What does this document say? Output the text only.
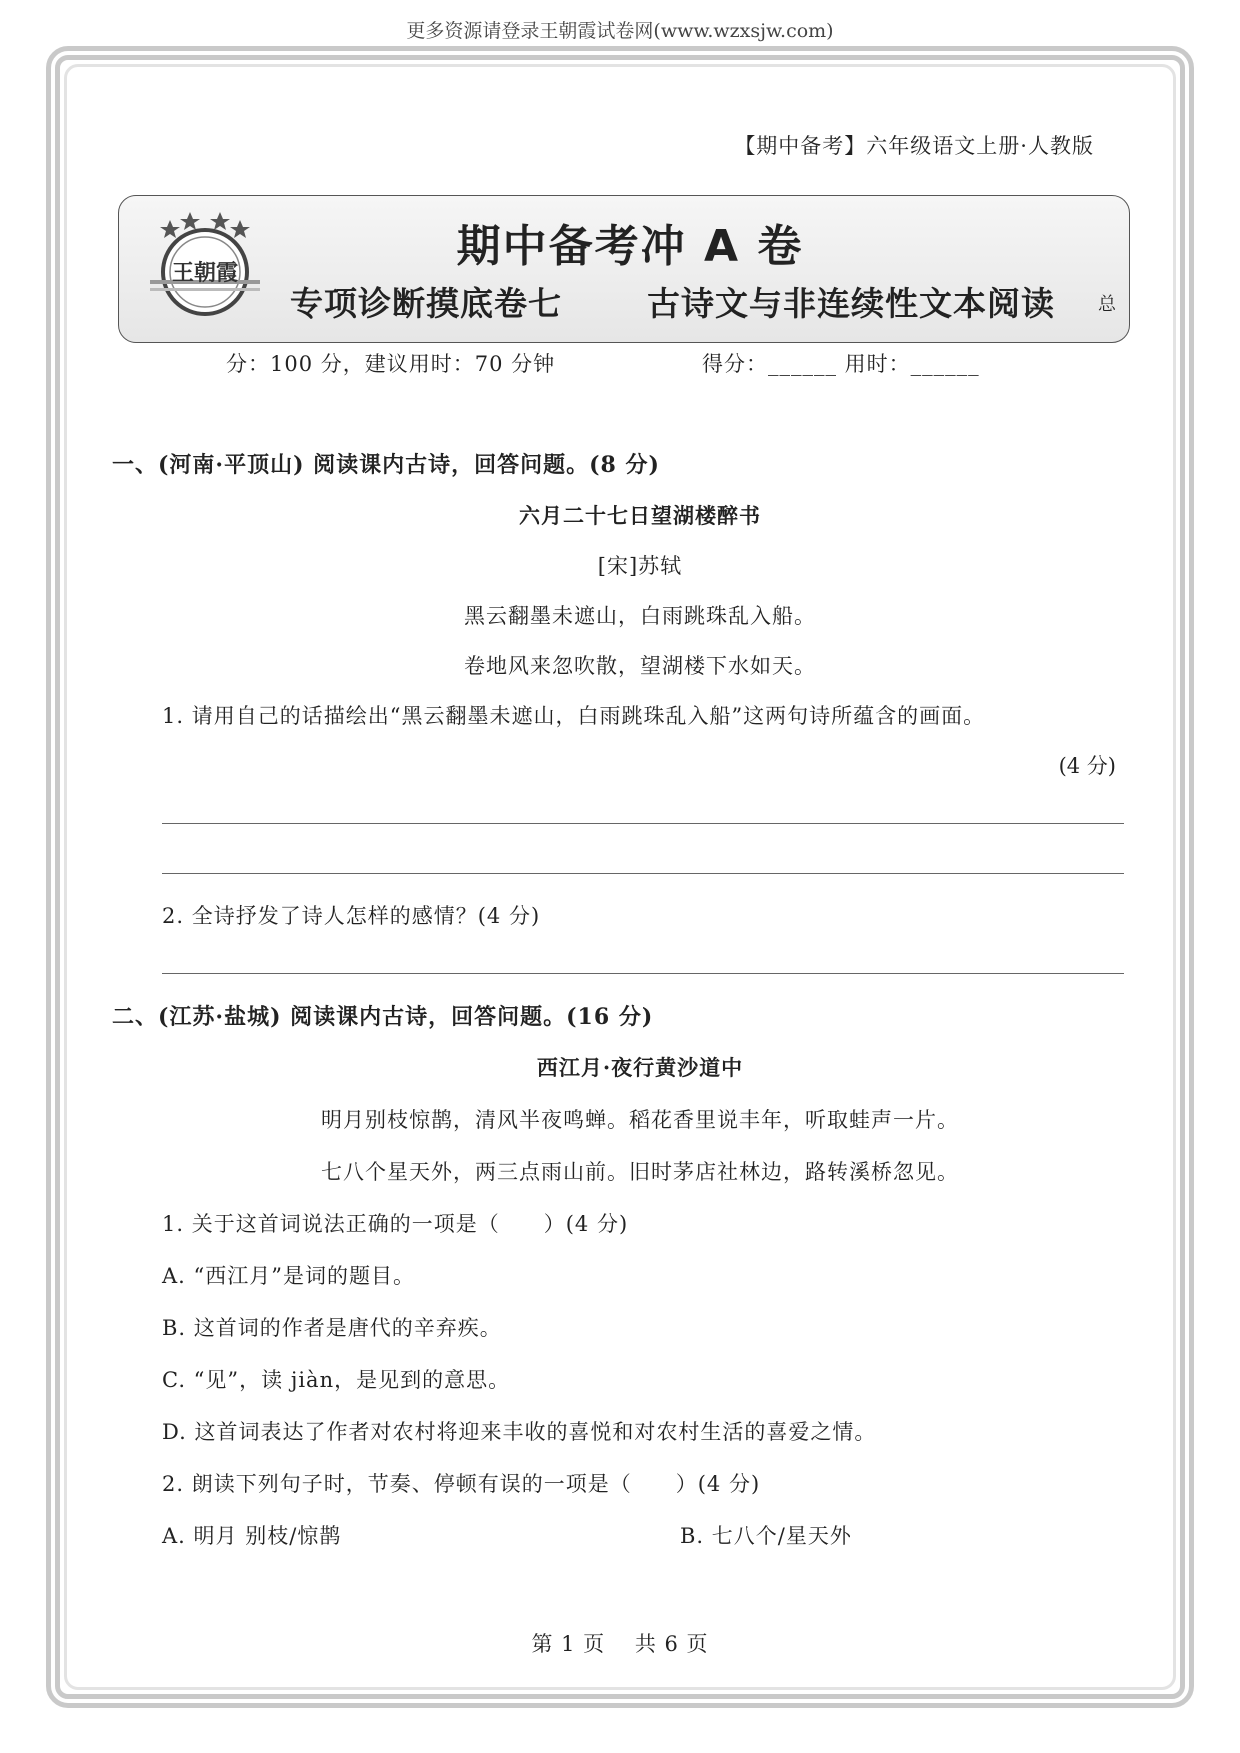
更多资源请登录王朝霞试卷网(www.wzxsjw.com)
【期中备考】六年级语文上册·人教版
王朝霞
期中备考冲 A 卷
专项诊断摸底卷七	古诗文与非连续性文本阅读 总
分：100 分，建议用时：70 分钟	得分：______ 用时：______
一、(河南·平顶山) 阅读课内古诗，回答问题。(8 分)
六月二十七日望湖楼醉书
[宋]苏轼
黑云翻墨未遮山，白雨跳珠乱入船。
卷地风来忽吹散，望湖楼下水如天。
1. 请用自己的话描绘出“黑云翻墨未遮山，白雨跳珠乱入船”这两句诗所蕴含的画面。
(4 分)
2. 全诗抒发了诗人怎样的感情？(4 分)
二、(江苏·盐城) 阅读课内古诗，回答问题。(16 分)
西江月·夜行黄沙道中
明月别枝惊鹊，清风半夜鸣蝉。稻花香里说丰年，听取蛙声一片。
七八个星天外，两三点雨山前。旧时茅店社林边，路转溪桥忽见。
1. 关于这首词说法正确的一项是（　　）(4 分)
A. “西江月”是词的题目。
B. 这首词的作者是唐代的辛弃疾。
C. “见”，读 jiàn，是见到的意思。
D. 这首词表达了作者对农村将迎来丰收的喜悦和对农村生活的喜爱之情。
2. 朗读下列句子时，节奏、停顿有误的一项是（　　）(4 分)
A. 明月 别枝/惊鹊	B. 七八个/星天外
第 1 页　 共 6 页
